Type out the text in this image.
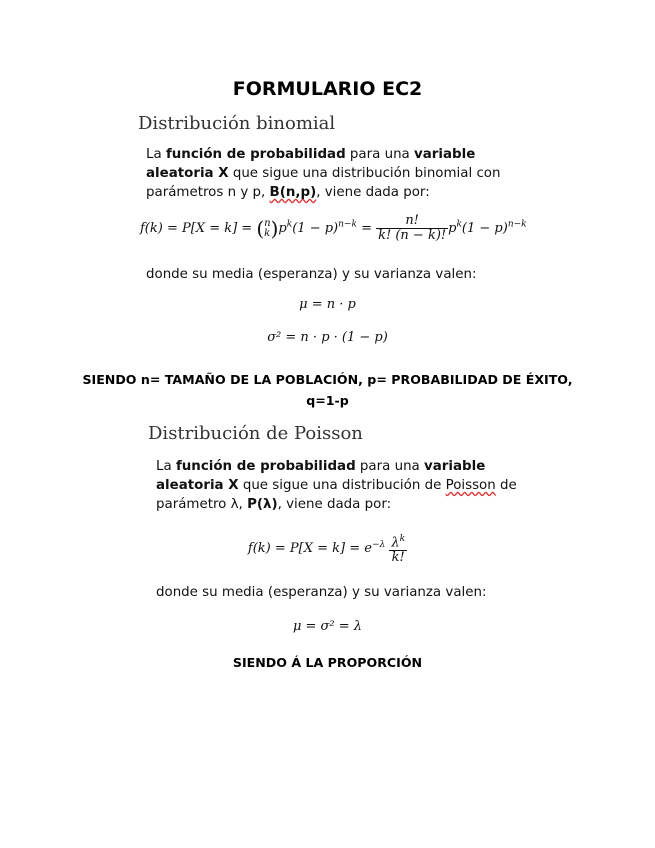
FORMULARIO EC2
Distribución binomial
La función de probabilidad para una variable
aleatoria X que sigue una distribución binomial con
parámetros n y p, B(n,p), viene dada por:
f(k) = P[X = k] = ( n
k )$p^k(1 - p)^{n-k} = \frac{n!}{k! (n - k)!} p^k(1 - p)^{n-k}$
donde su media (esperanza) y su varianza valen:
μ = n · p
σ² = n · p · (1 − p)
SIENDO n= TAMAÑO DE LA POBLACIÓN, p= PROBABILIDAD DE ÉXITO,
q=1-p
Distribución de Poisson
La función de probabilidad para una variable
aleatoria X que sigue una distribución de Poisson de
parámetro λ, P(λ), viene dada por:
$f(k) = P[X = k] = e^{-\lambda} \frac{\lambda^k}{k!}$
donde su media (esperanza) y su varianza valen:
μ = σ² = λ
SIENDO Á LA PROPORCIÓN
